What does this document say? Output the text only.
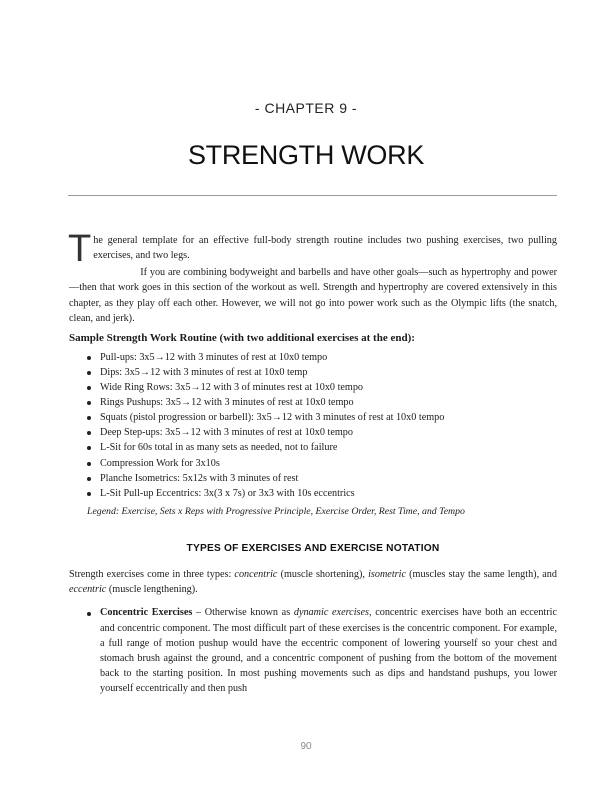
- CHAPTER 9 -
STRENGTH WORK

The general template for an effective full-body strength routine includes two pushing exercises, two pulling exercises, and two legs.

If you are combining bodyweight and barbells and have other goals—such as hypertrophy and power—then that work goes in this section of the workout as well. Strength and hypertrophy are covered extensively in this chapter, as they play off each other. However, we will not go into power work such as the Olympic lifts (the snatch, clean, and jerk).

Sample Strength Work Routine (with two additional exercises at the end):
Pull-ups: 3x5→12 with 3 minutes of rest at 10x0 tempo
Dips: 3x5→12 with 3 minutes of rest at 10x0 temp
Wide Ring Rows: 3x5→12 with 3 of minutes rest at 10x0 tempo
Rings Pushups: 3x5→12 with 3 minutes of rest at 10x0 tempo
Squats (pistol progression or barbell): 3x5→12 with 3 minutes of rest at 10x0 tempo
Deep Step-ups: 3x5→12 with 3 minutes of rest at 10x0 tempo
L-Sit for 60s total in as many sets as needed, not to failure
Compression Work for 3x10s
Planche Isometrics: 5x12s with 3 minutes of rest
L-Sit Pull-up Eccentrics: 3x(3 x 7s) or 3x3 with 10s eccentrics
Legend: Exercise, Sets x Reps with Progressive Principle, Exercise Order, Rest Time, and Tempo
TYPES OF EXERCISES AND EXERCISE NOTATION

Strength exercises come in three types: concentric (muscle shortening), isometric (muscles stay the same length), and eccentric (muscle lengthening).

Concentric Exercises – Otherwise known as dynamic exercises, concentric exercises have both an eccentric and concentric component. The most difficult part of these exercises is the concentric component. For example, a full range of motion pushup would have the eccentric component of lowering yourself so your chest and stomach brush against the ground, and a concentric component of pushing from the bottom of the movement back to the starting position. In most pushing movements such as dips and handstand pushups, you lower yourself eccentrically and then push
90
